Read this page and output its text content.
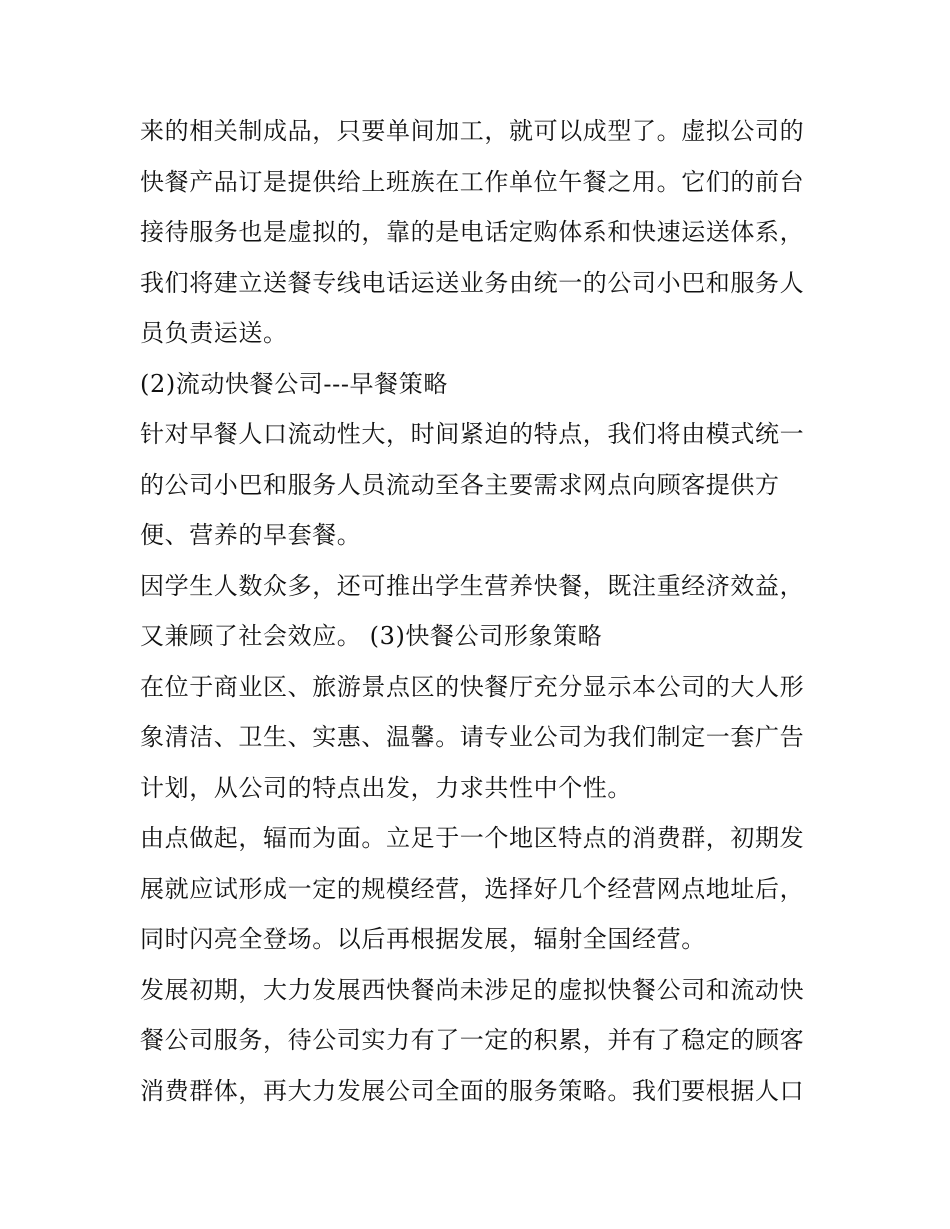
来的相关制成品，只要单间加工，就可以成型了。虚拟公司的
快餐产品订是提供给上班族在工作单位午餐之用。它们的前台
接待服务也是虚拟的，靠的是电话定购体系和快速运送体系，
我们将建立送餐专线电话运送业务由统一的公司小巴和服务人
员负责运送。
(2)流动快餐公司---早餐策略
针对早餐人口流动性大，时间紧迫的特点，我们将由模式统一
的公司小巴和服务人员流动至各主要需求网点向顾客提供方
便、营养的早套餐。
因学生人数众多，还可推出学生营养快餐，既注重经济效益，
又兼顾了社会效应。 (3)快餐公司形象策略
在位于商业区、旅游景点区的快餐厅充分显示本公司的大人形
象清洁、卫生、实惠、温馨。请专业公司为我们制定一套广告
计划，从公司的特点出发，力求共性中个性。
由点做起，辐而为面。立足于一个地区特点的消费群，初期发
展就应试形成一定的规模经营，选择好几个经营网点地址后，
同时闪亮全登场。以后再根据发展，辐射全国经营。
发展初期，大力发展西快餐尚未涉足的虚拟快餐公司和流动快
餐公司服务，待公司实力有了一定的积累，并有了稳定的顾客
消费群体，再大力发展公司全面的服务策略。我们要根据人口
